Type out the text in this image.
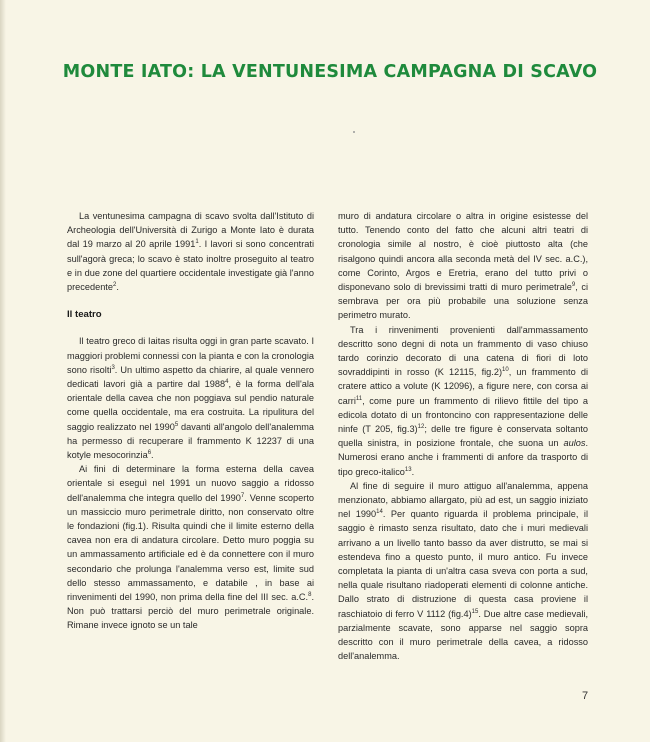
MONTE IATO: LA VENTUNESIMA CAMPAGNA DI SCAVO

La ventunesima campagna di scavo svolta dall'Istituto di Archeologia dell'Università di Zurigo a Monte Iato è durata dal 19 marzo al 20 aprile 1991$^1$. I lavori si sono concentrati sull'agorà greca; lo scavo è stato inoltre proseguito al teatro e in due zone del quartiere occidentale investigate già l'anno precedente$^2$.

Il teatro

Il teatro greco di Iaitas risulta oggi in gran parte scavato. I maggiori problemi connessi con la pianta e con la cronologia sono risolti$^3$. Un ultimo aspetto da chiarire, al quale vennero dedicati lavori già a partire dal 1988$^4$, è la forma dell'ala orientale della cavea che non poggiava sul pendio naturale come quella occidentale, ma era costruita. La ripulitura del saggio realizzato nel 1990$^5$ davanti all'angolo dell'analemma ha permesso di recuperare il frammento K 12237 di una kotyle mesocorinzia$^6$.

Ai fini di determinare la forma esterna della cavea orientale si eseguì nel 1991 un nuovo saggio a ridosso dell'analemma che integra quello del 1990$^7$. Venne scoperto un massiccio muro perimetrale diritto, non conservato oltre le fondazioni (fig.1). Risulta quindi che il limite esterno della cavea non era di andatura circolare. Detto muro poggia su un ammassamento artificiale ed è da connettere con il muro secondario che prolunga l'analemma verso est, limite sud dello stesso ammassamento, e databile , in base ai rinvenimenti del 1990, non prima della fine del III sec. a.C.$^8$. Non può trattarsi perciò del muro perimetrale originale. Rimane invece ignoto se un tale

muro di andatura circolare o altra in origine esistesse del tutto. Tenendo conto del fatto che alcuni altri teatri di cronologia simile al nostro, è cioè piuttosto alta (che risalgono quindi ancora alla seconda metà del IV sec. a.C.), come Corinto, Argos e Eretria, erano del tutto privi o disponevano solo di brevissimi tratti di muro perimetrale$^9$, ci sembrava per ora più probabile una soluzione senza perimetro murato.

Tra i rinvenimenti provenienti dall'ammassamento descritto sono degni di nota un frammento di vaso chiuso tardo corinzio decorato di una catena di fiori di loto sovraddipinti in rosso (K 12115, fig.2)$^{10}$, un frammento di cratere attico a volute (K 12096), a figure nere, con corsa ai carri$^{11}$, come pure un frammento di rilievo fittile del tipo a edicola dotato di un frontoncino con rappresentazione delle ninfe (T 205, fig.3)$^{12}$; delle tre figure è conservata soltanto quella sinistra, in posizione frontale, che suona un aulos. Numerosi erano anche i frammenti di anfore da trasporto di tipo greco-italico$^{13}$.

Al fine di seguire il muro attiguo all'analemma, appena menzionato, abbiamo allargato, più ad est, un saggio iniziato nel 1990$^{14}$. Per quanto riguarda il problema principale, il saggio è rimasto senza risultato, dato che i muri medievali arrivano a un livello tanto basso da aver distrutto, se mai si estendeva fino a questo punto, il muro antico. Fu invece completata la pianta di un'altra casa sveva con porta a sud, nella quale risultano riadoperati elementi di colonne antiche. Dallo strato di distruzione di questa casa proviene il raschiatoio di ferro V 1112 $(fig.4)^{15}$. Due altre case medievali, parzialmente scavate, sono apparse nel saggio sopra descritto con il muro perimetrale della cavea, a ridosso dell'analemma.

7
